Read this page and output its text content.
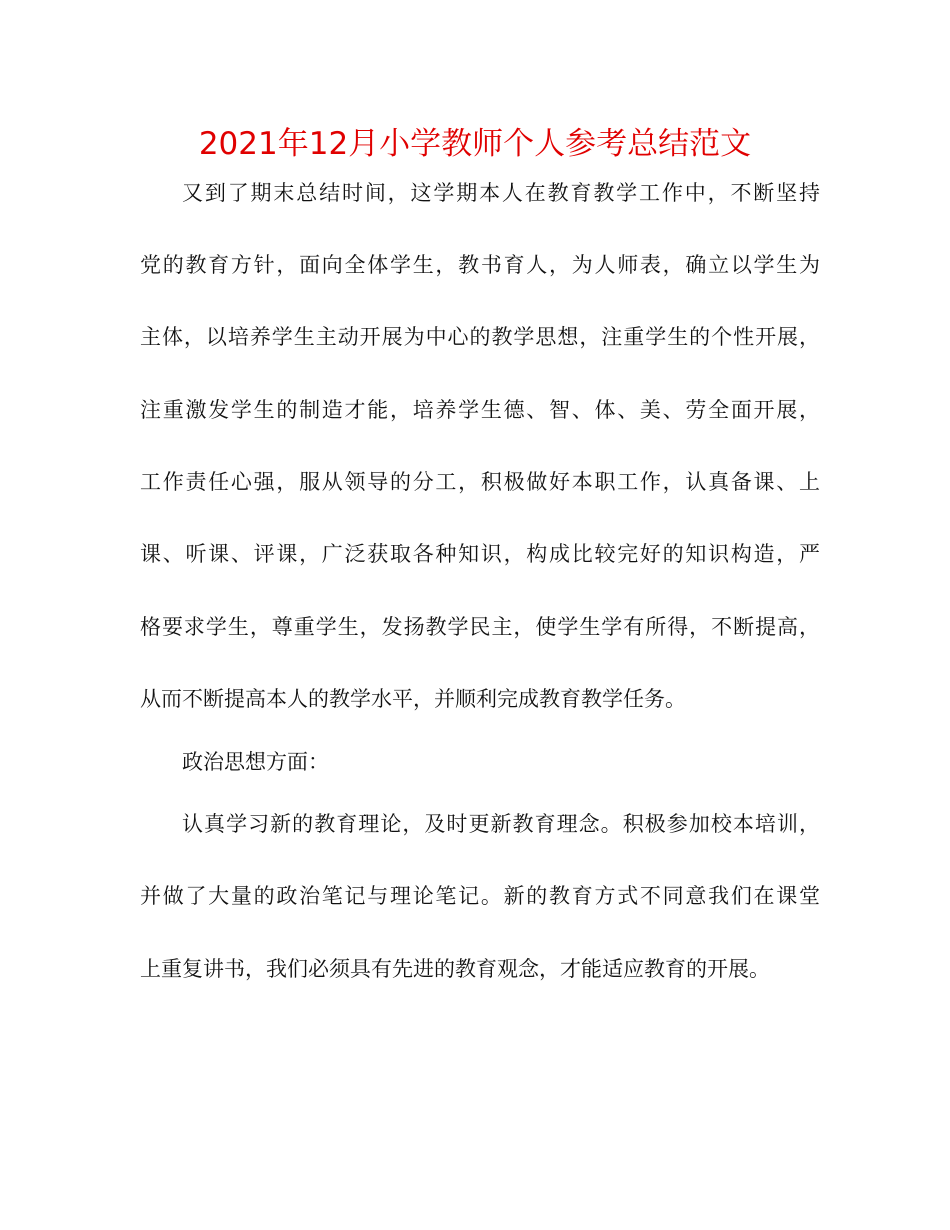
2021年12月小学教师个人参考总结范文
又到了期末总结时间，这学期本人在教育教学工作中，不断坚持
党的教育方针，面向全体学生，教书育人，为人师表，确立以学生为
主体，以培养学生主动开展为中心的教学思想，注重学生的个性开展，
注重激发学生的制造才能，培养学生德、智、体、美、劳全面开展，
工作责任心强，服从领导的分工，积极做好本职工作，认真备课、上
课、听课、评课，广泛获取各种知识，构成比较完好的知识构造，严
格要求学生，尊重学生，发扬教学民主，使学生学有所得，不断提高，
从而不断提高本人的教学水平，并顺利完成教育教学任务。
政治思想方面：
认真学习新的教育理论，及时更新教育理念。积极参加校本培训，
并做了大量的政治笔记与理论笔记。新的教育方式不同意我们在课堂
上重复讲书，我们必须具有先进的教育观念，才能适应教育的开展。
